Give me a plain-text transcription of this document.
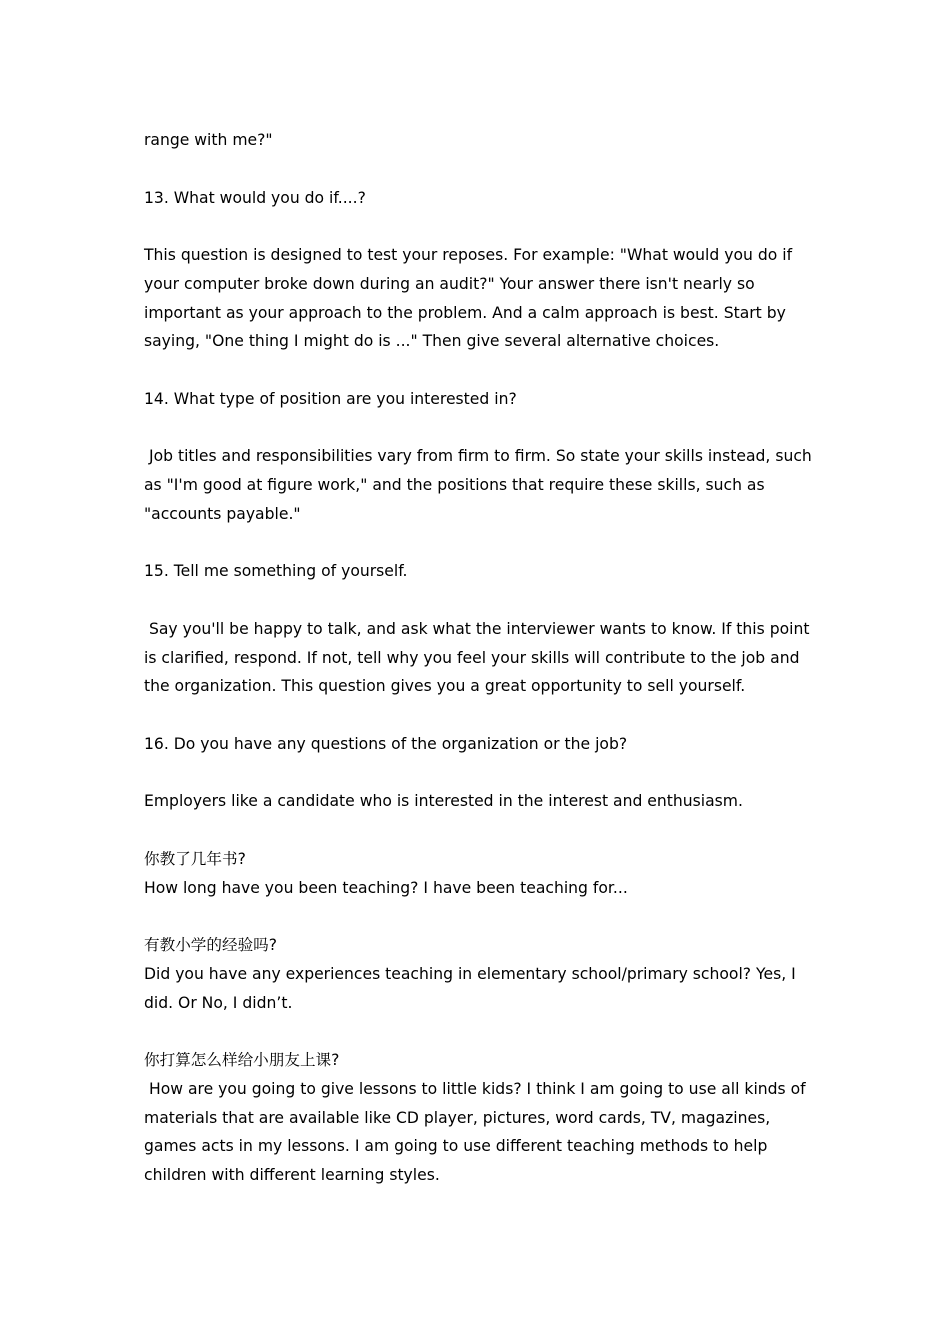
range with me?"

13. What would you do if....?

This question is designed to test your reposes. For example: "What would you do if your computer broke down during an audit?" Your answer there isn't nearly so important as your approach to the problem. And a calm approach is best. Start by saying, "One thing I might do is ..." Then give several alternative choices.

14. What type of position are you interested in?

Job titles and responsibilities vary from firm to firm. So state your skills instead, such as "I'm good at figure work," and the positions that require these skills, such as "accounts payable."

15. Tell me something of yourself.

Say you'll be happy to talk, and ask what the interviewer wants to know. If this point is clarified, respond. If not, tell why you feel your skills will contribute to the job and the organization. This question gives you a great opportunity to sell yourself.

16. Do you have any questions of the organization or the job?

Employers like a candidate who is interested in the interest and enthusiasm.

你教了几年书?

How long have you been teaching? I have been teaching for...

有教小学的经验吗?

Did you have any experiences teaching in elementary school/primary school? Yes, I did. Or No, I didn’t.

你打算怎么样给小朋友上课?

How are you going to give lessons to little kids? I think I am going to use all kinds of materials that are available like CD player, pictures, word cards, TV, magazines, games acts in my lessons. I am going to use different teaching methods to help children with different learning styles.
